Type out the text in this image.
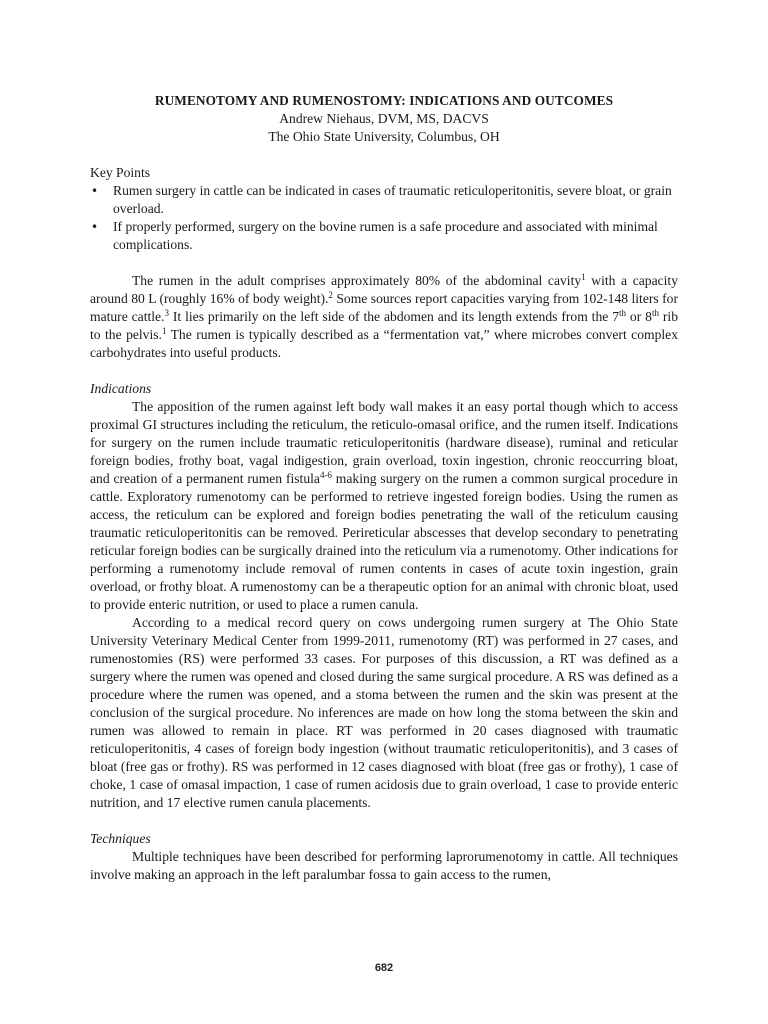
RUMENOTOMY AND RUMENOSTOMY: INDICATIONS AND OUTCOMES
Andrew Niehaus, DVM, MS, DACVS
The Ohio State University, Columbus, OH
Key Points
• Rumen surgery in cattle can be indicated in cases of traumatic reticuloperitonitis, severe bloat, or grain overload.
• If properly performed, surgery on the bovine rumen is a safe procedure and associated with minimal complications.

The rumen in the adult comprises approximately 80% of the abdominal cavity$^1$ with a capacity around 80 L (roughly 16% of body weight).$^2$ Some sources report capacities varying from 102-148 liters for mature cattle.$^3$ It lies primarily on the left side of the abdomen and its length extends from the 7th or 8th rib to the pelvis.$^1$ The rumen is typically described as a “fermentation vat,” where microbes convert complex carbohydrates into useful products.

Indications

The apposition of the rumen against left body wall makes it an easy portal though which to access proximal GI structures including the reticulum, the reticulo-omasal orifice, and the rumen itself. Indications for surgery on the rumen include traumatic reticuloperitonitis (hardware disease), ruminal and reticular foreign bodies, frothy boat, vagal indigestion, grain overload, toxin ingestion, chronic reoccurring bloat, and creation of a permanent rumen fistula$^{4-6}$ making surgery on the rumen a common surgical procedure in cattle. Exploratory rumenotomy can be performed to retrieve ingested foreign bodies. Using the rumen as access, the reticulum can be explored and foreign bodies penetrating the wall of the reticulum causing traumatic reticuloperitonitis can be removed. Perireticular abscesses that develop secondary to penetrating reticular foreign bodies can be surgically drained into the reticulum via a rumenotomy. Other indications for performing a rumenotomy include removal of rumen contents in cases of acute toxin ingestion, grain overload, or frothy bloat. A rumenostomy can be a therapeutic option for an animal with chronic bloat, used to provide enteric nutrition, or used to place a rumen canula.

According to a medical record query on cows undergoing rumen surgery at The Ohio State University Veterinary Medical Center from 1999-2011, rumenotomy (RT) was performed in 27 cases, and rumenostomies (RS) were performed 33 cases. For purposes of this discussion, a RT was defined as a surgery where the rumen was opened and closed during the same surgical procedure. A RS was defined as a procedure where the rumen was opened, and a stoma between the rumen and the skin was present at the conclusion of the surgical procedure. No inferences are made on how long the stoma between the skin and rumen was allowed to remain in place. RT was performed in 20 cases diagnosed with traumatic reticuloperitonitis, 4 cases of foreign body ingestion (without traumatic reticuloperitonitis), and 3 cases of bloat (free gas or frothy). RS was performed in 12 cases diagnosed with bloat (free gas or frothy), 1 case of choke, 1 case of omasal impaction, 1 case of rumen acidosis due to grain overload, 1 case to provide enteric nutrition, and 17 elective rumen canula placements.

Techniques

Multiple techniques have been described for performing laprorumenotomy in cattle. All techniques involve making an approach in the left paralumbar fossa to gain access to the rumen,

682
